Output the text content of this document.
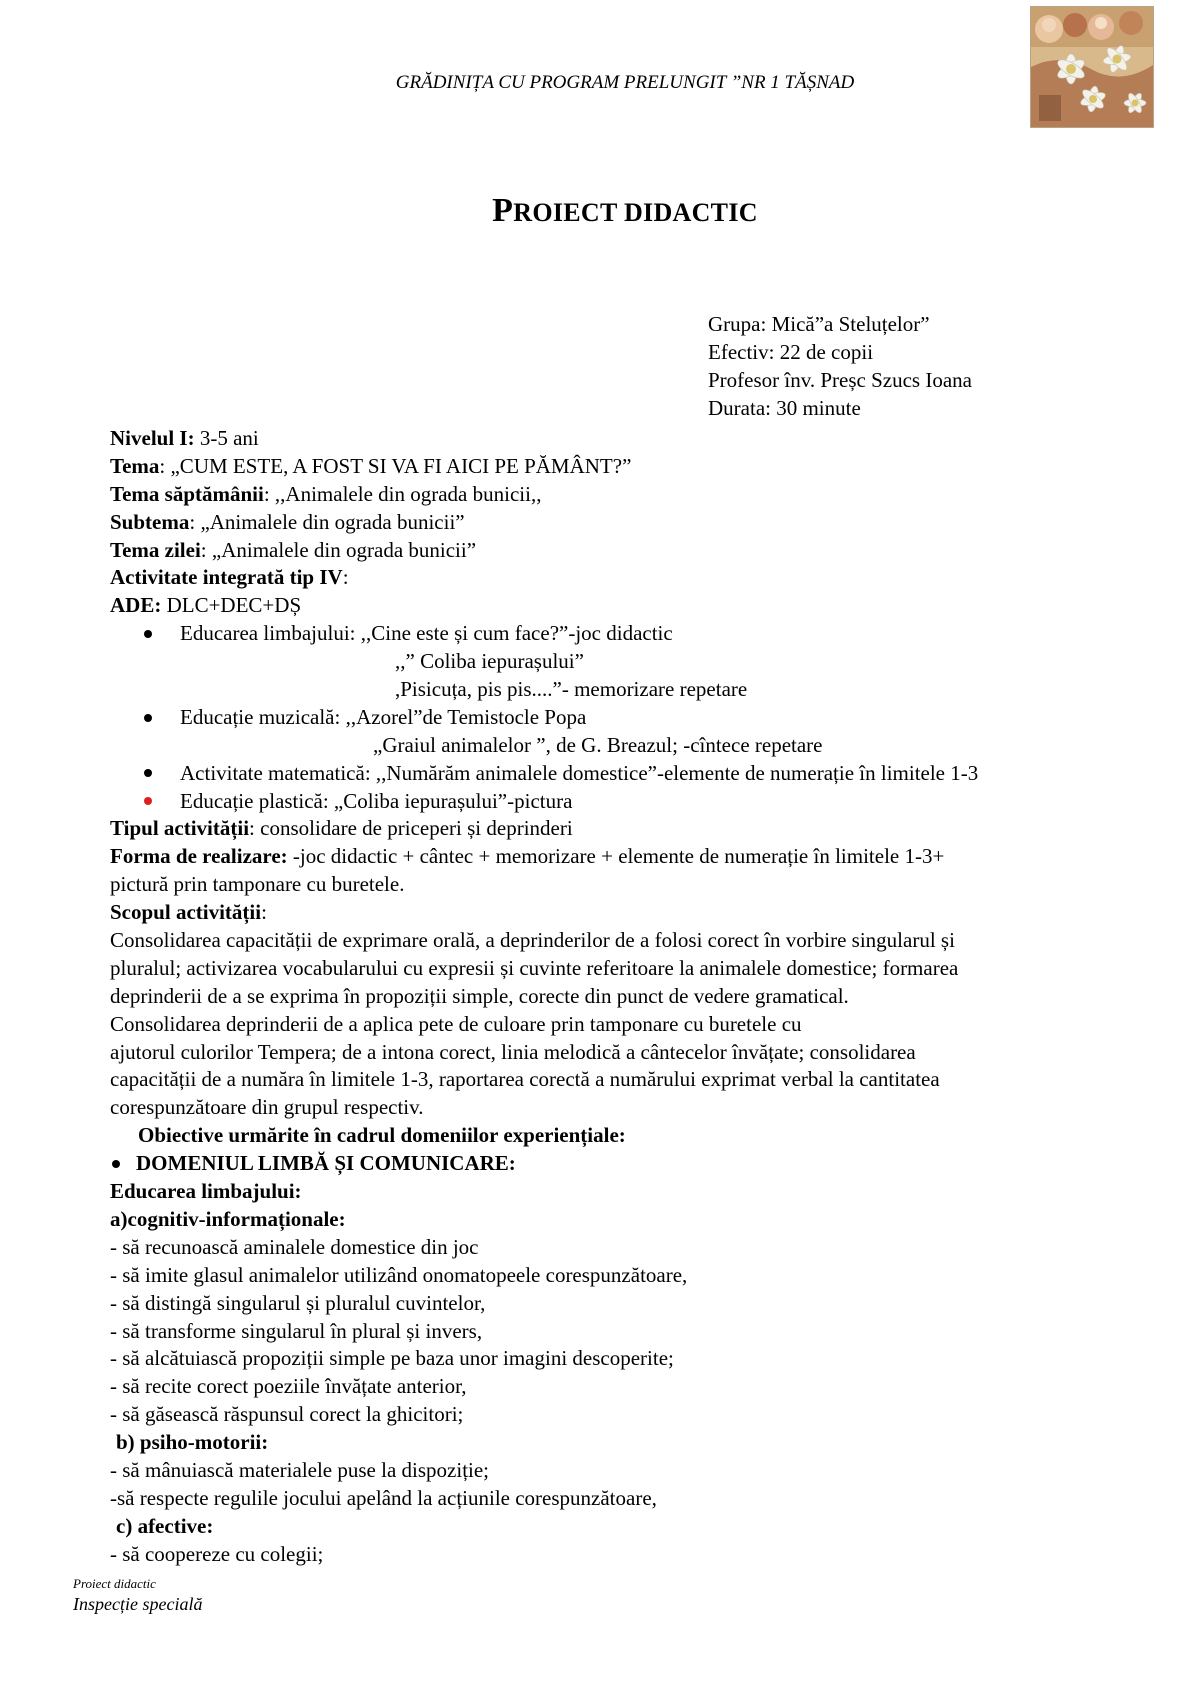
GRĂDINIȚA CU PROGRAM PRELUNGIT ”NR 1 TĂȘNAD
PROIECT DIDACTIC
Grupa: Mică”a Steluțelor”
Efectiv: 22 de copii
Profesor înv. Preșc Szucs Ioana
Durata: 30 minute
Nivelul I: 3-5 ani
Tema: „CUM ESTE, A FOST SI VA FI AICI PE PĂMÂNT?”
Tema săptămânii: ,,Animalele din ograda bunicii,,
Subtema: „Animalele din ograda bunicii”
Tema zilei: „Animalele din ograda bunicii”
Activitate integrată tip IV:
ADE: DLC+DEC+DȘ
Educarea limbajului: ,,Cine este și cum face?”-joc didactic
,,” Coliba iepurașului”
,Pisicuța, pis pis....”- memorizare repetare
Educație muzicală: ,,Azorel”de Temistocle Popa
„Graiul animalelor ”, de G. Breazul; -cîntece repetare
Activitate matematică: ,,Numărăm animalele domestice”-elemente de numerație în limitele 1-3
Educație plastică: „Coliba iepurașului”-pictura
Tipul activității: consolidare de priceperi și deprinderi
Forma de realizare: -joc didactic + cântec + memorizare + elemente de numerație în limitele 1-3+
pictură prin tamponare cu buretele.
Scopul activității:
Consolidarea capacității de exprimare orală, a deprinderilor de a folosi corect în vorbire singularul și
pluralul; activizarea vocabularului cu expresii și cuvinte referitoare la animalele domestice; formarea
deprinderii de a se exprima în propoziții simple, corecte din punct de vedere gramatical.
Consolidarea deprinderii de a aplica pete de culoare prin tamponare cu buretele cu
ajutorul culorilor Tempera; de a intona corect, linia melodică a cântecelor învățate; consolidarea
capacității de a număra în limitele 1-3, raportarea corectă a numărului exprimat verbal la cantitatea
corespunzătoare din grupul respectiv.
Obiective urmărite în cadrul domeniilor experiențiale:
DOMENIUL LIMBĂ ȘI COMUNICARE:
Educarea limbajului:
a)cognitiv-informaționale:
- să recunoască aminalele domestice din joc
- să imite glasul animalelor utilizând onomatopeele corespunzătoare,
- să distingă singularul și pluralul cuvintelor,
- să transforme singularul în plural și invers,
- să alcătuiască propoziții simple pe baza unor imagini descoperite;
- să recite corect poeziile învățate anterior,
- să găsească răspunsul corect la ghicitori;
b) psiho-motorii:
- să mânuiască materialele puse la dispoziție;
-să respecte regulile jocului apelând la acțiunile corespunzătoare,
c) afective:
- să coopereze cu colegii;
Proiect didactic
Inspecție specială
